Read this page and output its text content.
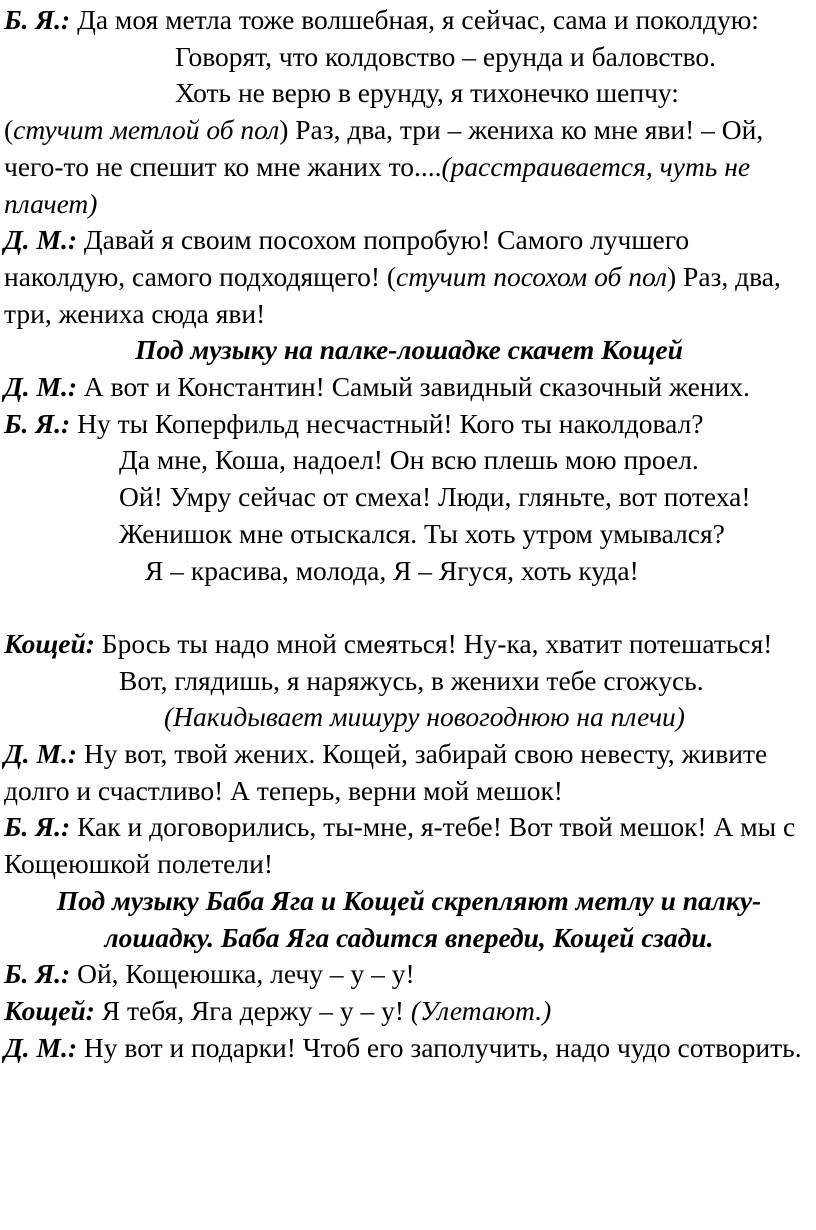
Б. Я.: Да моя метла тоже волшебная, я сейчас, сама и поколдую:

Говорят, что колдовство – ерунда и баловство.

Хоть не верю в ерунду, я тихонечко шепчу:

(стучит метлой об пол) Раз, два, три – жениха ко мне яви! – Ой, чего-то не спешит ко мне жаних то....(расстраивается, чуть не плачет)

Д. М.: Давай я своим посохом попробую! Самого лучшего наколдую, самого подходящего! (стучит посохом об пол) Раз, два, три, жениха сюда яви!

Под музыку на палке-лошадке скачет Кощей

Д. М.: А вот и Константин! Самый завидный сказочный жених.

Б. Я.: Ну ты Коперфильд несчастный! Кого ты наколдовал?

Да мне, Коша, надоел! Он всю плешь мою проел.

Ой! Умру сейчас от смеха! Люди, гляньте, вот потеха!

Женишок мне отыскался. Ты хоть утром умывался?

Я – красива, молода, Я – Ягуся, хоть куда!

Кощей: Брось ты надо мной смеяться! Ну-ка, хватит потешаться!

Вот, глядишь, я наряжусь, в женихи тебе сгожусь.

(Накидывает мишуру новогоднюю на плечи)

Д. М.: Ну вот, твой жених. Кощей, забирай свою невесту, живите долго и счастливо! А теперь, верни мой мешок!

Б. Я.: Как и договорились, ты-мне, я-тебе! Вот твой мешок! А мы с Кощеюшкой полетели!

Под музыку Баба Яга и Кощей скрепляют метлу и палку-лошадку. Баба Яга садится впереди, Кощей сзади.

Б. Я.: Ой, Кощеюшка, лечу – у – у!

Кощей: Я тебя, Яга держу – у – у! (Улетают.)

Д. М.: Ну вот и подарки! Чтоб его заполучить, надо чудо сотворить.
